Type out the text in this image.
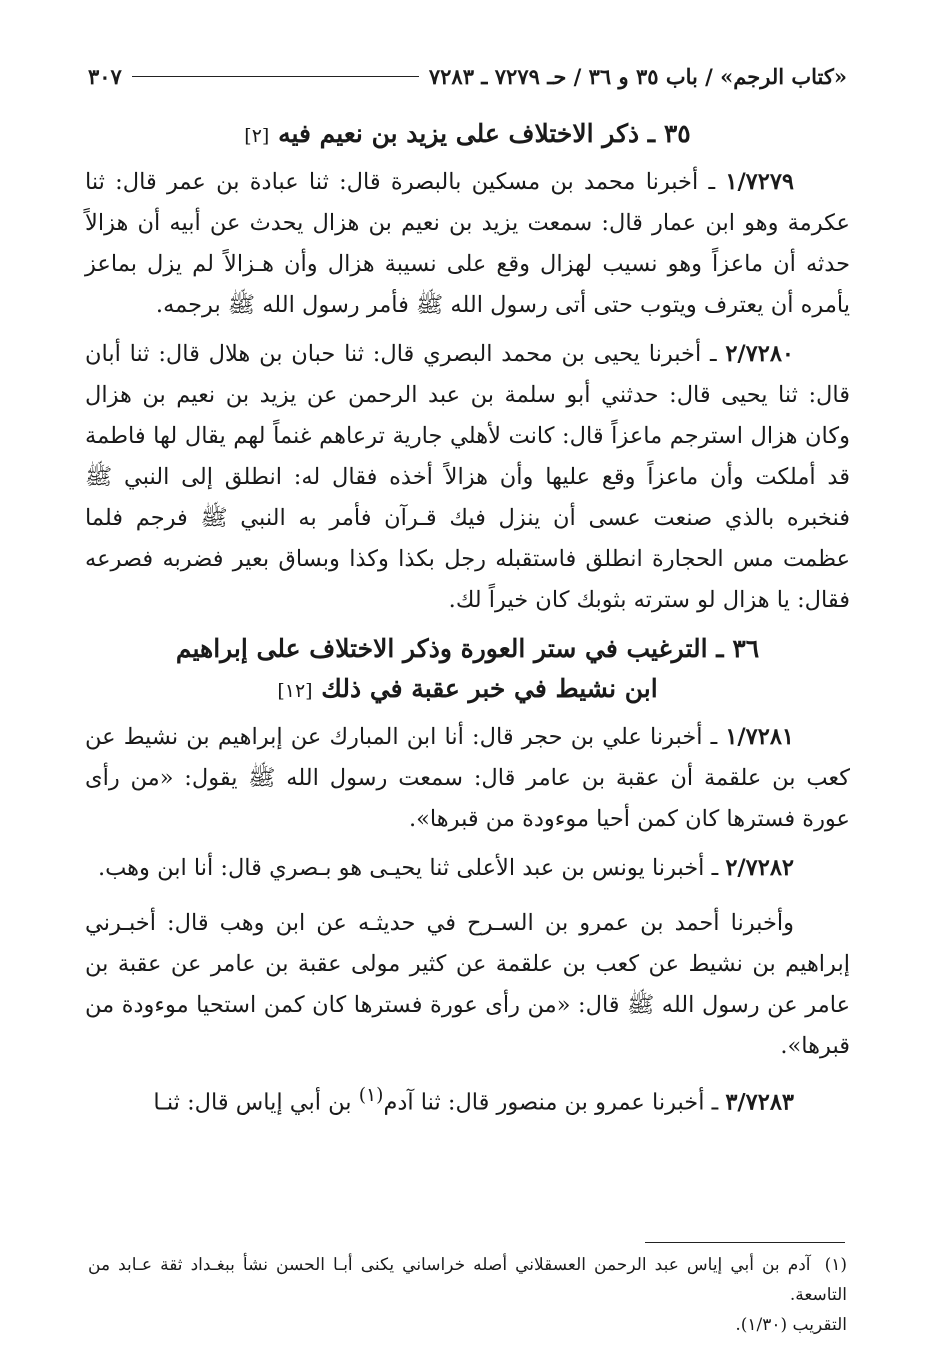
«كتاب الرجم» / باب ٣٥ و ٣٦ / حـ ٧٢٧٩ ـ ٧٢٨٣
٣٠٧
٣٥ ـ ذكر الاختلاف على يزيد بن نعيم فيه [٢]

١/٧٢٧٩ ـ أخبرنا محمد بن مسكين بالبصرة قال: ثنا عبادة بن عمر قال: ثنا عكرمة وهو ابن عمار قال: سمعت يزيد بن نعيم بن هزال يحدث عن أبيه أن هزالاً حدثه أن ماعزاً وهو نسيب لهزال وقع على نسيبة هزال وأن هـزالاً لم يزل بماعز يأمره أن يعترف ويتوب حتى أتى رسول الله ﷺ فأمر رسول الله ﷺ برجمه.

٢/٧٢٨٠ ـ أخبرنا يحيى بن محمد البصري قال: ثنا حبان بن هلال قال: ثنا أبان قال: ثنا يحيى قال: حدثني أبو سلمة بن عبد الرحمن عن يزيد بن نعيم بن هزال وكان هزال استرجم ماعزاً قال: كانت لأهلي جارية ترعاهم غنماً لهم يقال لها فاطمة قد أملكت وأن ماعزاً وقع عليها وأن هزالاً أخذه فقال له: انطلق إلى النبي ﷺ فنخبره بالذي صنعت عسى أن ينزل فيك قـرآن فأمر به النبي ﷺ فرجم فلما عظمت مس الحجارة انطلق فاستقبله رجل بكذا وكذا وبساق بعير فضربه فصرعه فقال: يا هزال لو سترته بثوبك كان خيراً لك.

٣٦ ـ الترغيب في ستر العورة وذكر الاختلاف على إبراهيم
ابن نشيط في خبر عقبة في ذلك [١٢]

١/٧٢٨١ ـ أخبرنا علي بن حجر قال: أنا ابن المبارك عن إبراهيم بن نشيط عن كعب بن علقمة أن عقبة بن عامر قال: سمعت رسول الله ﷺ يقول: «من رأى عورة فسترها كان كمن أحيا موءودة من قبرها».

٢/٧٢٨٢ ـ أخبرنا يونس بن عبد الأعلى ثنا يحيـى هو بـصري قال: أنا ابن وهب.

وأخبرنا أحمد بن عمرو بن السـرح في حديثـه عن ابن وهب قال: أخبـرني إبراهيم بن نشيط عن كعب بن علقمة عن كثير مولى عقبة بن عامر عن عقبة بن عامر عن رسول الله ﷺ قال: «من رأى عورة فسترها كان كمن استحيا موءودة من قبرها».

٣/٧٢٨٣ ـ أخبرنا عمرو بن منصور قال: ثنا آدم$^{(١)}$ بن أبي إياس قال: ثنـا

(١) آدم بن أبي إياس عبد الرحمن العسقلاني أصله خراساني يكنى أبـا الحسن نشأ ببغـداد ثقة عـابد من التاسعة.
التقريب (١/٣٠).
